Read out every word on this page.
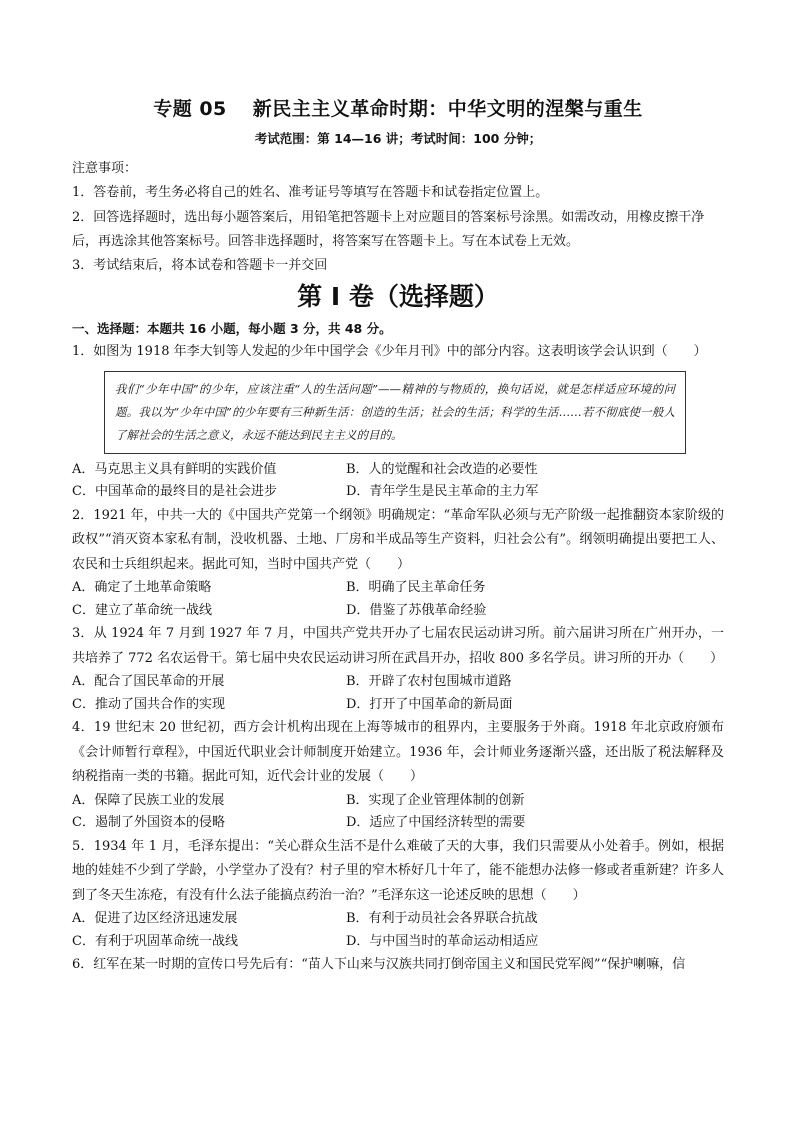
专题 05 新民主主义革命时期：中华文明的涅槃与重生
考试范围：第 14—16 讲；考试时间：100 分钟；

注意事项：

1．答卷前，考生务必将自己的姓名、准考证号等填写在答题卡和试卷指定位置上。

2．回答选择题时，选出每小题答案后，用铅笔把答题卡上对应题目的答案标号涂黑。如需改动，用橡皮擦干净后，再选涂其他答案标号。回答非选择题时，将答案写在答题卡上。写在本试卷上无效。

3．考试结束后，将本试卷和答题卡一并交回

第 I 卷（选择题）

一、选择题：本题共 16 小题，每小题 3 分，共 48 分。

1．如图为 1918 年李大钊等人发起的少年中国学会《少年月刊》中的部分内容。这表明该学会认识到（　　）

我们“少年中国”的少年，应该注重“人的生活问题”——精神的与物质的，换句话说，就是怎样适应环境的问题。我以为“少年中国”的少年要有三种新生活：创造的生活；社会的生活；科学的生活……若不彻底使一般人了解社会的生活之意义，永远不能达到民主主义的目的。
A．马克思主义具有鲜明的实践价值	B．人的觉醒和社会改造的必要性
C．中国革命的最终目的是社会进步	D．青年学生是民主革命的主力军

2．1921 年，中共一大的《中国共产党第一个纲领》明确规定：“革命军队必须与无产阶级一起推翻资本家阶级的政权”“消灭资本家私有制，没收机器、土地、厂房和半成品等生产资料，归社会公有”。纲领明确提出要把工人、农民和士兵组织起来。据此可知，当时中国共产党（　　）

A．确定了土地革命策略	B．明确了民主革命任务
C．建立了革命统一战线	D．借鉴了苏俄革命经验

3．从 1924 年 7 月到 1927 年 7 月，中国共产党共开办了七届农民运动讲习所。前六届讲习所在广州开办，一共培养了 772 名农运骨干。第七届中央农民运动讲习所在武昌开办，招收 800 多名学员。讲习所的开办（　　）

A．配合了国民革命的开展	B．开辟了农村包围城市道路
C．推动了国共合作的实现	D．打开了中国革命的新局面

4．19 世纪末 20 世纪初，西方会计机构出现在上海等城市的租界内，主要服务于外商。1918 年北京政府颁布《会计师暂行章程》，中国近代职业会计师制度开始建立。1936 年，会计师业务逐渐兴盛，还出版了税法解释及纳税指南一类的书籍。据此可知，近代会计业的发展（　　）

A．保障了民族工业的发展	B．实现了企业管理体制的创新
C．遏制了外国资本的侵略	D．适应了中国经济转型的需要

5．1934 年 1 月，毛泽东提出：“关心群众生活不是什么难破了天的大事，我们只需要从小处着手。例如，根据地的娃娃不少到了学龄，小学堂办了没有？村子里的窄木桥好几十年了，能不能想办法修一修或者重新建？许多人到了冬天生冻疮，有没有什么法子能搞点药治一治？”毛泽东这一论述反映的思想（　　）

A．促进了边区经济迅速发展	B．有利于动员社会各界联合抗战
C．有利于巩固革命统一战线	D．与中国当时的革命运动相适应

6．红军在某一时期的宣传口号先后有：“苗人下山来与汉族共同打倒帝国主义和国民党军阀”“保护喇嘛，信
